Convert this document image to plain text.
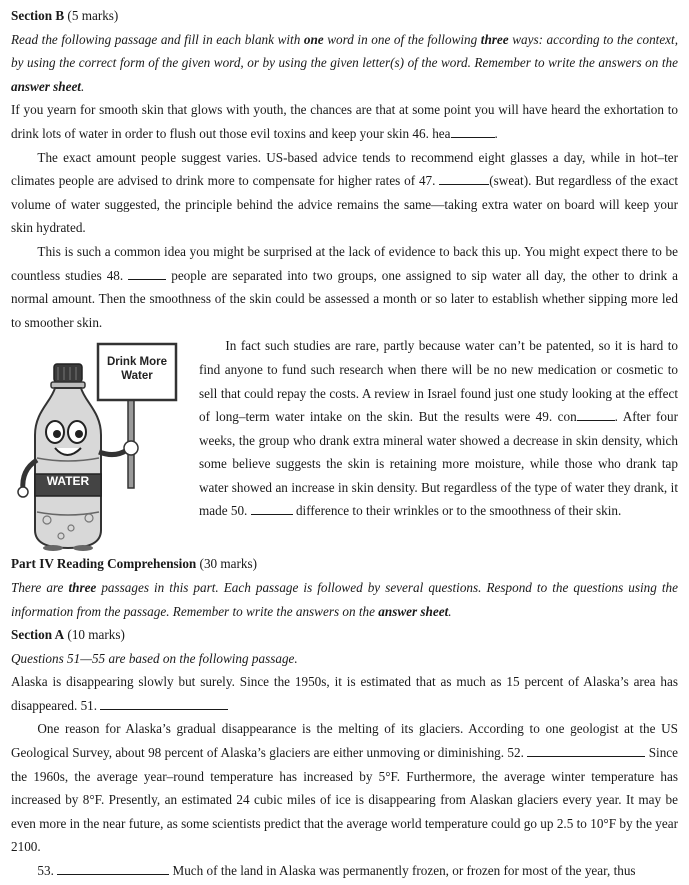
Section B (5 marks)

Read the following passage and fill in each blank with one word in one of the following three ways: according to the context, by using the correct form of the given word, or by using the given letter(s) of the word. Remember to write the answers on the answer sheet.

If you yearn for smooth skin that glows with youth, the chances are that at some point you will have heard the exhortation to drink lots of water in order to flush out those evil toxins and keep your skin 46. hea	.

The exact amount people suggest varies. US-based advice tends to recommend eight glasses a day, while in hot–ter climates people are advised to drink more to compensate for higher rates of 47.	(sweat). But regardless of the exact volume of water suggested, the principle behind the advice remains the same—taking extra water on board will keep your skin hydrated.

This is such a common idea you might be surprised at the lack of evidence to back this up. You might expect there to be countless studies 48.	people are separated into two groups, one assigned to sip water all day, the other to drink a normal amount. Then the smoothness of the skin could be assessed a month or so later to establish whether sipping more led to smoother skin.

Drink More
Water
WATER

In fact such studies are rare, partly because water can’t be patented, so it is hard to find anyone to fund such research when there will be no new medication or cosmetic to sell that could repay the costs. A review in Israel found just one study looking at the effect of long–term water intake on the skin. But the results were 49. con	. After four weeks, the group who drank extra mineral water showed a decrease in skin density, which some believe suggests the skin is retaining more moisture, while those who drank tap water showed an increase in skin density. But regardless of the type of water they drank, it made 50.	difference to their wrinkles or to the smoothness of their skin.

Part IV Reading Comprehension (30 marks)

There are three passages in this part. Each passage is followed by several questions. Respond to the questions using the information from the passage. Remember to write the answers on the answer sheet.

Section A (10 marks)

Questions 51—55 are based on the following passage.

Alaska is disappearing slowly but surely. Since the 1950s, it is estimated that as much as 15 percent of Alaska’s area has disappeared. 51.

One reason for Alaska’s gradual disappearance is the melting of its glaciers. According to one geologist at the US Geological Survey, about 98 percent of Alaska’s glaciers are either unmoving or diminishing. 52.	Since the 1960s, the average year–round temperature has increased by 5°F. Furthermore, the average winter temperature has increased by 8°F. Presently, an estimated 24 cubic miles of ice is disappearing from Alaskan glaciers every year. It may be even more in the near future, as some scientists predict that the average world temperature could go up 2.5 to 10°F by the year 2100.

53.	Much of the land in Alaska was permanently frozen, or frozen for most of the year, thus
